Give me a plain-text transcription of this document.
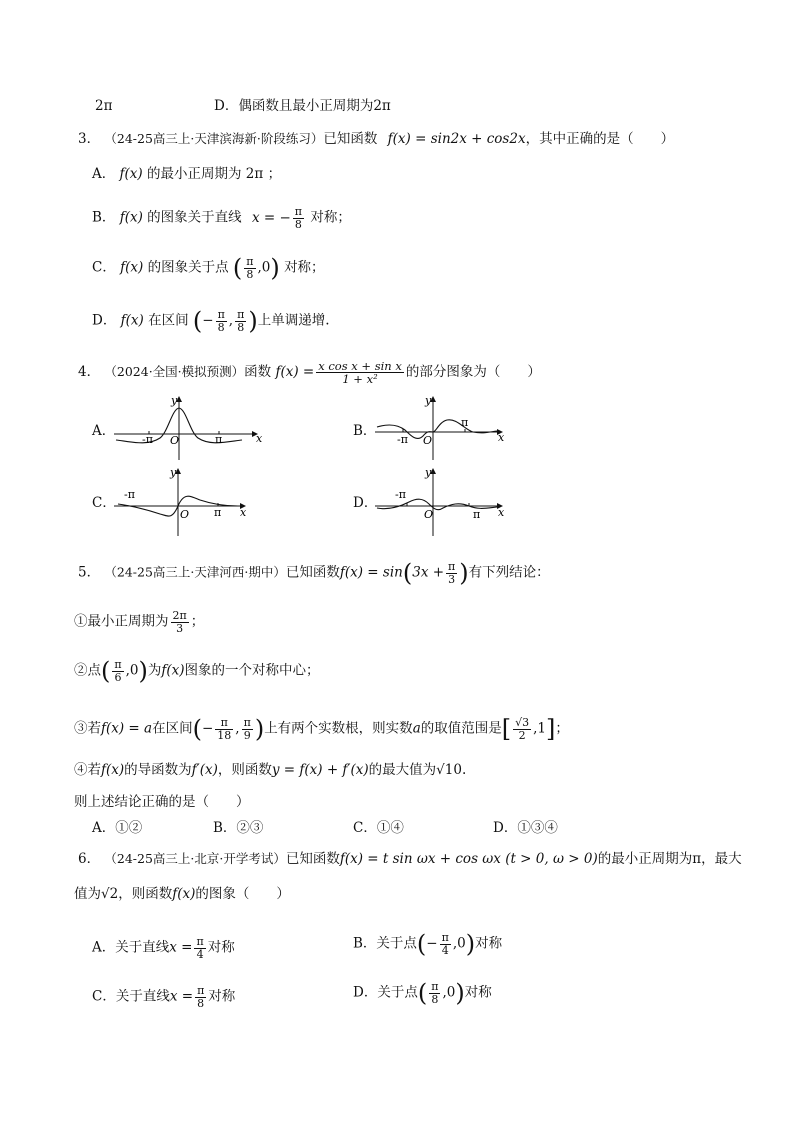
2π	D．偶函数且最小正周期为2π
3． （24-25高三上·天津滨海新·阶段练习）已知函数 f(x) = sin2x + cos2x，其中正确的是（　　）
A． f(x) 的最小正周期为 2π ；
B． f(x) 的图象关于直线 x = − $\frac{\pi}{8}$ 对称；
C． f(x) 的图象关于点 ( $\frac{\pi}{8} ,0$) 对称；
D． f(x) 在区间 (− $\frac{\pi}{8}$ , $\frac{\pi}{8}$ )上单调递增.
4． （2024·全国·模拟预测）函数 $f(x) = \frac{\text{x cos x + sin x}}{\text{1 + x²}}$ 的部分图象为（　　）
A．
-π	π
O	x
y
B．
-π
π
O	x
y
C．
-π
π
O	x
y
D．
-π
π
O	x
y
5． （24-25高三上·天津河西·期中）已知函数$f(x) = \sin(3x + \frac{\pi}{3}$ )有下列结论：
①最小正周期为 $\frac{2\pi}{3}$ ；
②点( $\frac{\pi}{6} ,0$)为f(x)图象的一个对称中心；
③若f(x) = a在区间(− $\frac{\pi}{18}$ , $\frac{\pi}{9}$ )上有两个实数根，则实数a的取值范围是[ $\frac{√3}{2} ,1$]；
④若f(x)的导函数为f′(x)，则函数y = f(x) + f′(x)的最大值为√10.
则上述结论正确的是（　　）
A．①②	B．②③	C．①④	D．①③④
6． （24-25高三上·北京·开学考试）已知函数f(x) = t sin ωx + cos ωx (t > 0, ω > 0)的最小正周期为π，最大
值为√2，则函数f(x)的图象（　　）
A．关于直线$x = \frac{\pi}{4}$ 对称	B．关于点(− $\frac{\pi}{4} ,0$)对称
C．关于直线$x = \frac{\pi}{8}$ 对称	D．关于点( $\frac{\pi}{8} ,0$)对称
